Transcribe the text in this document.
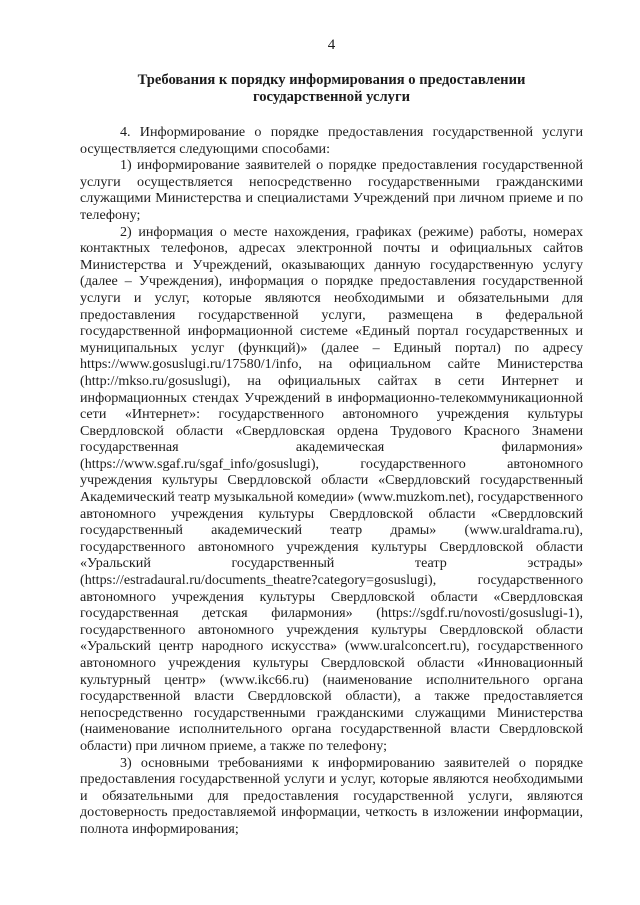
4
Требования к порядку информирования о предоставлении
государственной услуги

4. Информирование о порядке предоставления государственной услуги осуществляется следующими способами:

1) информирование заявителей о порядке предоставления государственной услуги осуществляется непосредственно государственными гражданскими служащими Министерства и специалистами Учреждений при личном приеме и по телефону;

2) информация о месте нахождения, графиках (режиме) работы, номерах контактных телефонов, адресах электронной почты и официальных сайтов Министерства и Учреждений, оказывающих данную государственную услугу (далее – Учреждения), информация о порядке предоставления государственной услуги и услуг, которые являются необходимыми и обязательными для предоставления государственной услуги, размещена в федеральной государственной информационной системе «Единый портал государственных и муниципальных услуг (функций)» (далее – Единый портал) по адресу https://www.gosuslugi.ru/17580/1/info, на официальном сайте Министерства (http://mkso.ru/gosuslugi), на официальных сайтах в сети Интернет и информационных стендах Учреждений в информационно-телекоммуникационной сети «Интернет»: государственного автономного учреждения культуры Свердловской области «Свердловская ордена Трудового Красного Знамени государственная академическая филармония» (https://www.sgaf.ru/sgaf_info/gosuslugi), государственного автономного учреждения культуры Свердловской области «Свердловский государственный Академический театр музыкальной комедии» (www.muzkom.net), государственного автономного учреждения культуры Свердловской области «Свердловский государственный академический театр драмы» (www.uraldrama.ru), государственного автономного учреждения культуры Свердловской области «Уральский государственный театр эстрады» (https://estradaural.ru/documents_theatre?category=gosuslugi), государственного автономного учреждения культуры Свердловской области «Свердловская государственная детская филармония» (https://sgdf.ru/novosti/gosuslugi-1), государственного автономного учреждения культуры Свердловской области «Уральский центр народного искусства» (www.uralconcert.ru), государственного автономного учреждения культуры Свердловской области «Инновационный культурный центр» (www.ikc66.ru) (наименование исполнительного органа государственной власти Свердловской области), а также предоставляется непосредственно государственными гражданскими служащими Министерства (наименование исполнительного органа государственной власти Свердловской области) при личном приеме, а также по телефону;

3) основными требованиями к информированию заявителей о порядке предоставления государственной услуги и услуг, которые являются необходимыми и обязательными для предоставления государственной услуги, являются достоверность предоставляемой информации, четкость в изложении информации, полнота информирования;
